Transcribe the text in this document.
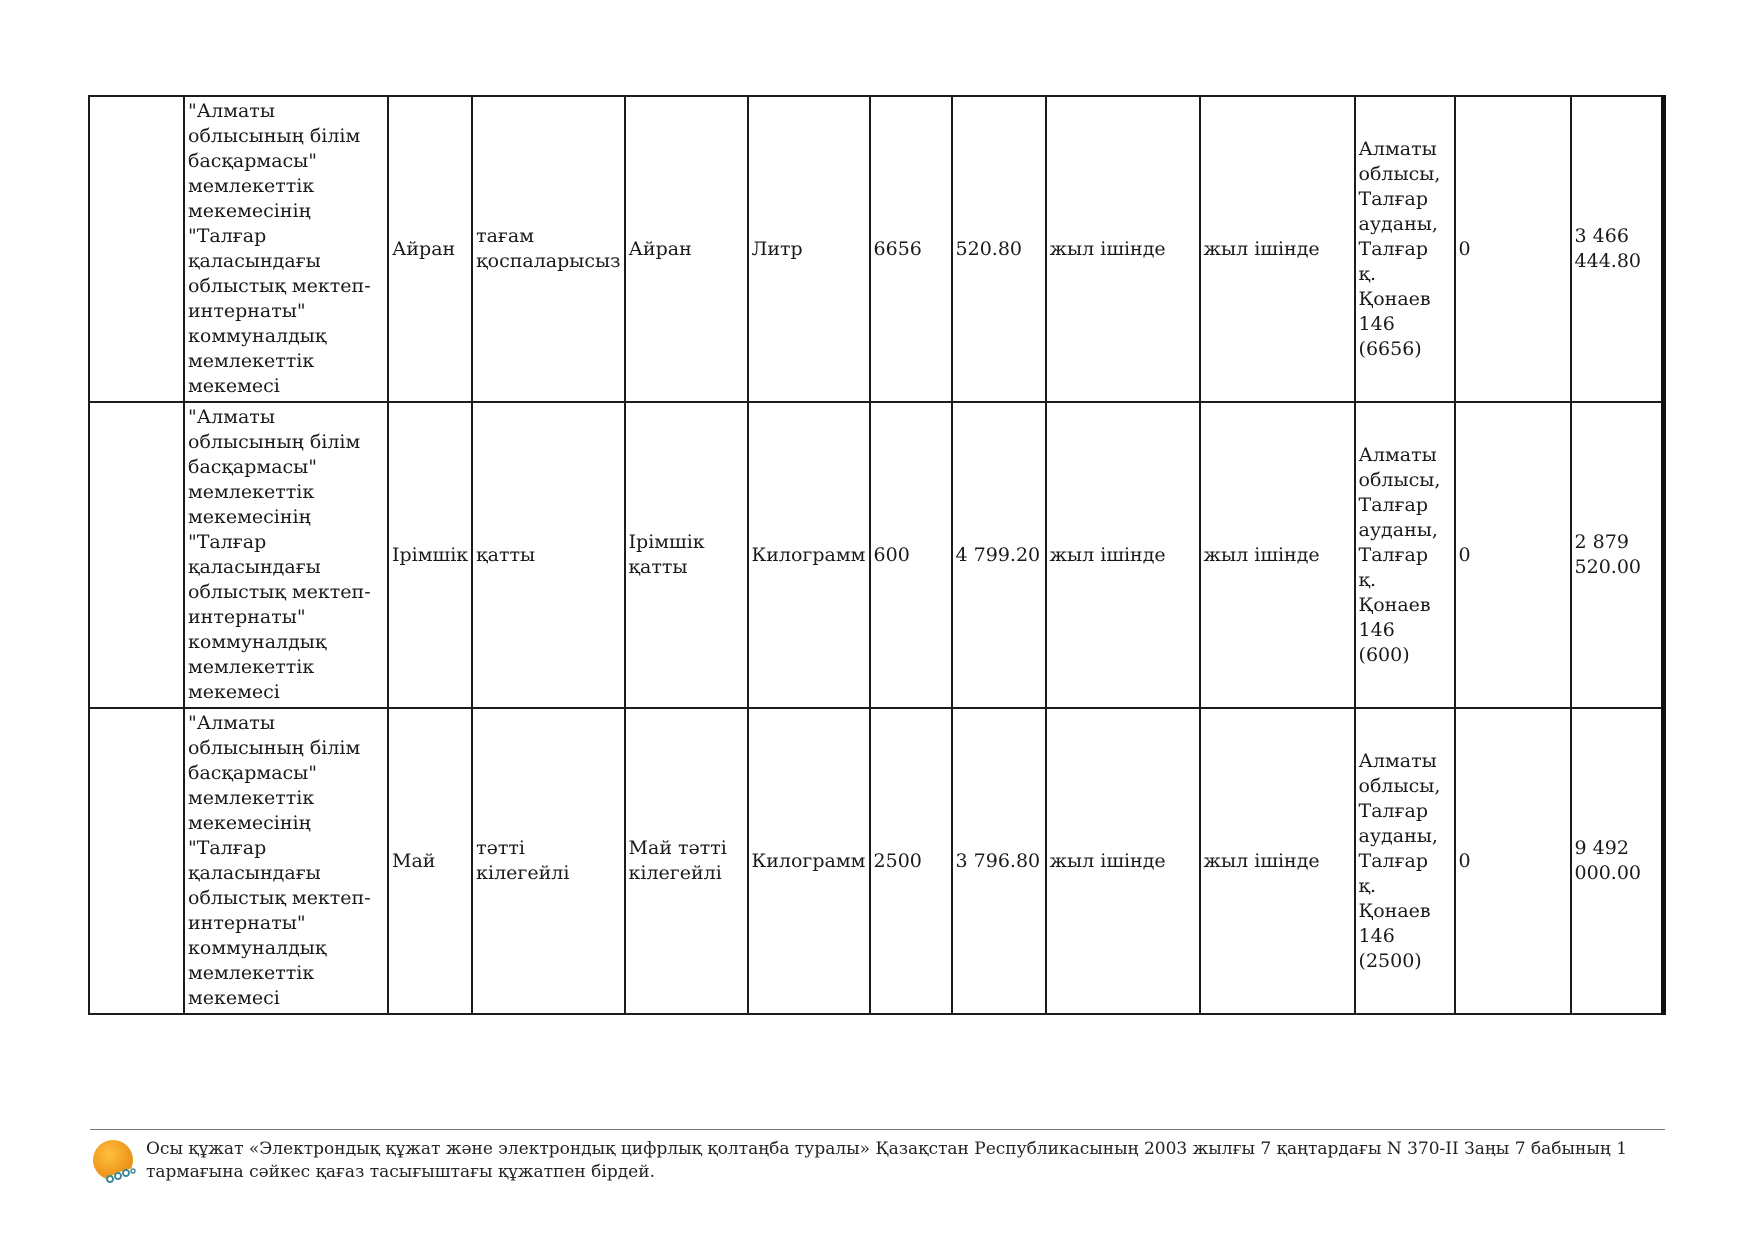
	"Алматы облысының білім басқармасы" мемлекеттік мекемесінің "Талғар қаласындағы облыстық мектеп-интернаты" коммуналдық мемлекеттік мекемесі	Айран	тағам қоспаларысыз	Айран	Литр	6656	520.80	жыл ішінде	жыл ішінде	Алматы облысы, Талғар ауданы, Талғар қ. Қонаев 146 (6656)	0	3 466 444.80
	"Алматы облысының білім басқармасы" мемлекеттік мекемесінің "Талғар қаласындағы облыстық мектеп-интернаты" коммуналдық мемлекеттік мекемесі	Ірімшік	қатты	Ірімшік қатты	Килограмм	600	4 799.20	жыл ішінде	жыл ішінде	Алматы облысы, Талғар ауданы, Талғар қ. Қонаев 146 (600)	0	2 879 520.00
	"Алматы облысының білім басқармасы" мемлекеттік мекемесінің "Талғар қаласындағы облыстық мектеп-интернаты" коммуналдық мемлекеттік мекемесі	Май	тәтті кілегейлі	Май тәтті кілегейлі	Килограмм	2500	3 796.80	жыл ішінде	жыл ішінде	Алматы облысы, Талғар ауданы, Талғар қ. Қонаев 146 (2500)	0	9 492 000.00
Осы құжат «Электрондық құжат және электрондық цифрлық қолтаңба туралы» Қазақстан Республикасының 2003 жылғы 7 қаңтардағы N 370-II Заңы 7 бабының 1 тармағына сәйкес қағаз тасығыштағы құжатпен бірдей.
